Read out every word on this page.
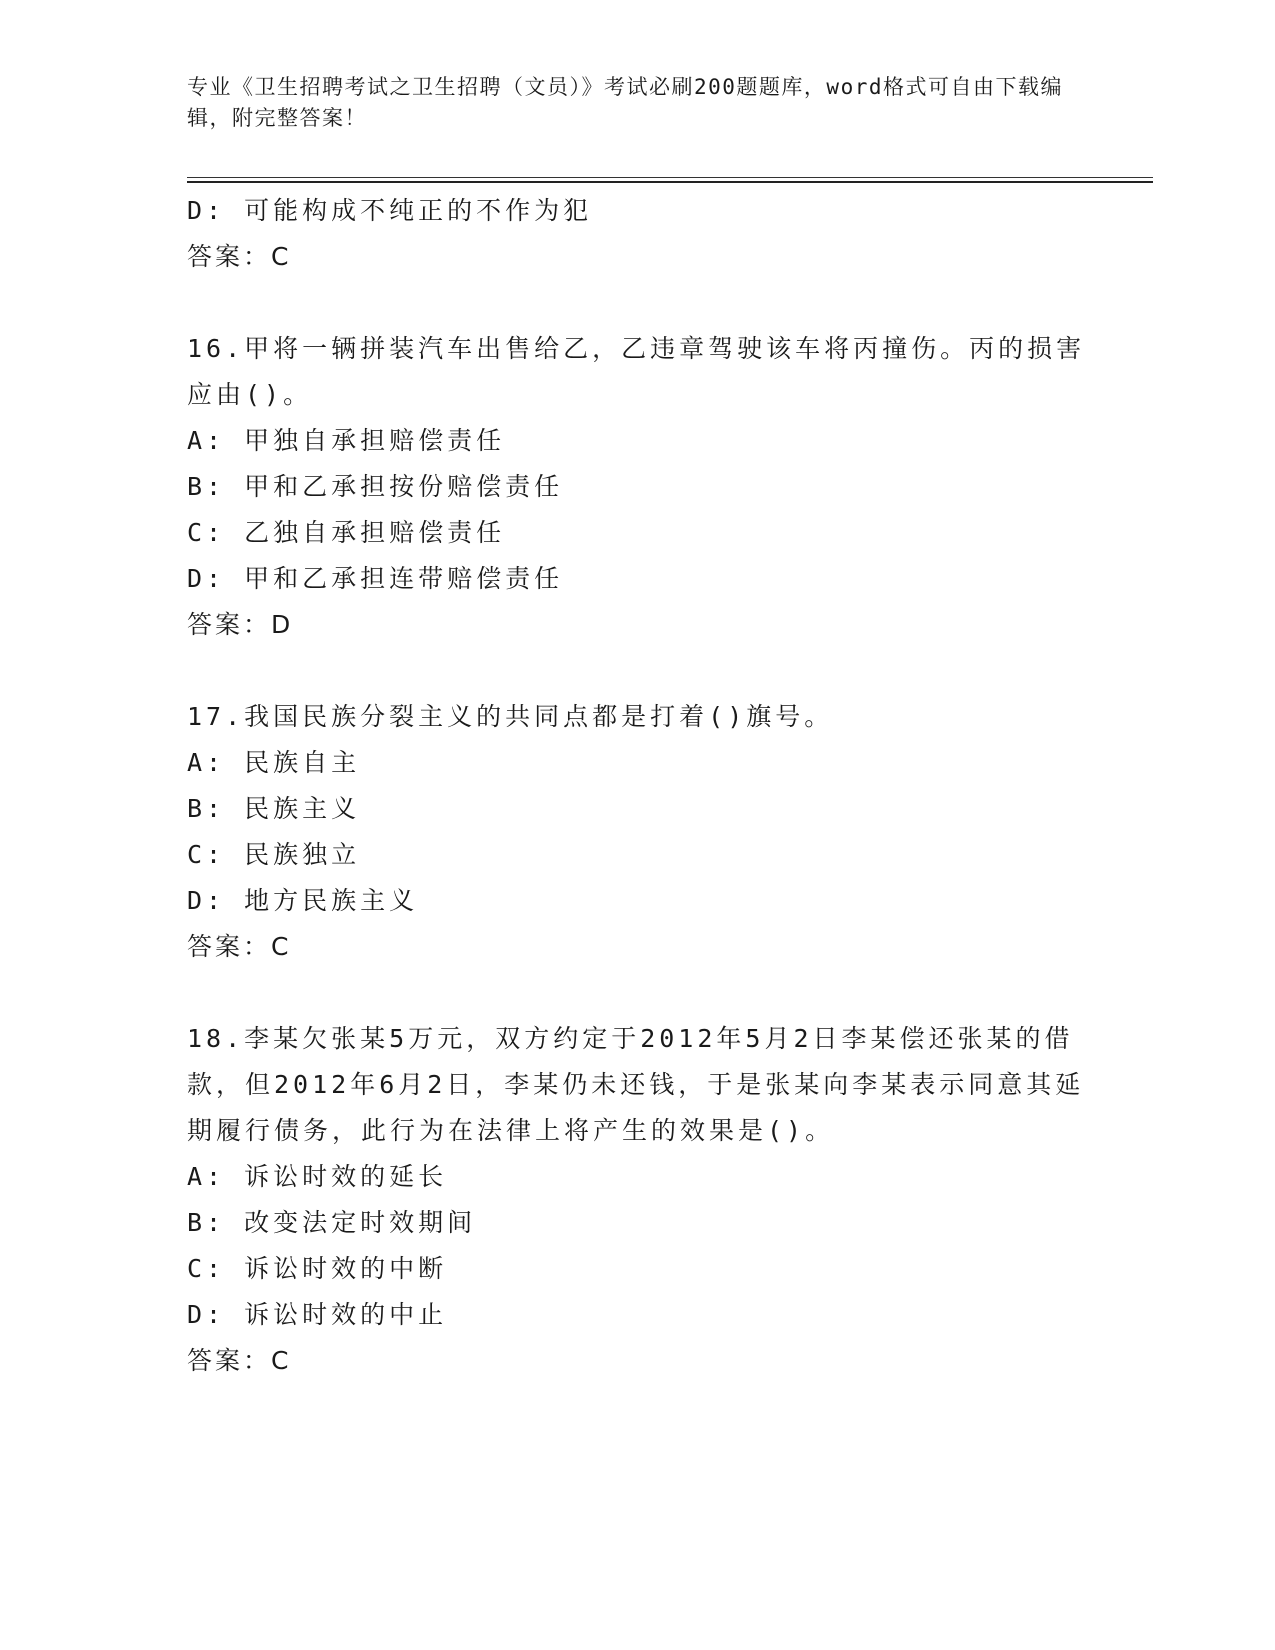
专业《卫生招聘考试之卫生招聘（文员）》考试必刷200题题库，word格式可自由下载编辑，附完整答案！
D: 可能构成不纯正的不作为犯
答案：C
16.甲将一辆拼装汽车出售给乙，乙违章驾驶该车将丙撞伤。丙的损害应由()。
A: 甲独自承担赔偿责任
B: 甲和乙承担按份赔偿责任
C: 乙独自承担赔偿责任
D: 甲和乙承担连带赔偿责任
答案：D
17.我国民族分裂主义的共同点都是打着()旗号。
A: 民族自主
B: 民族主义
C: 民族独立
D: 地方民族主义
答案：C
18.李某欠张某5万元，双方约定于2012年5月2日李某偿还张某的借款，但2012年6月2日，李某仍未还钱，于是张某向李某表示同意其延期履行债务，此行为在法律上将产生的效果是()。
A: 诉讼时效的延长
B: 改变法定时效期间
C: 诉讼时效的中断
D: 诉讼时效的中止
答案：C
